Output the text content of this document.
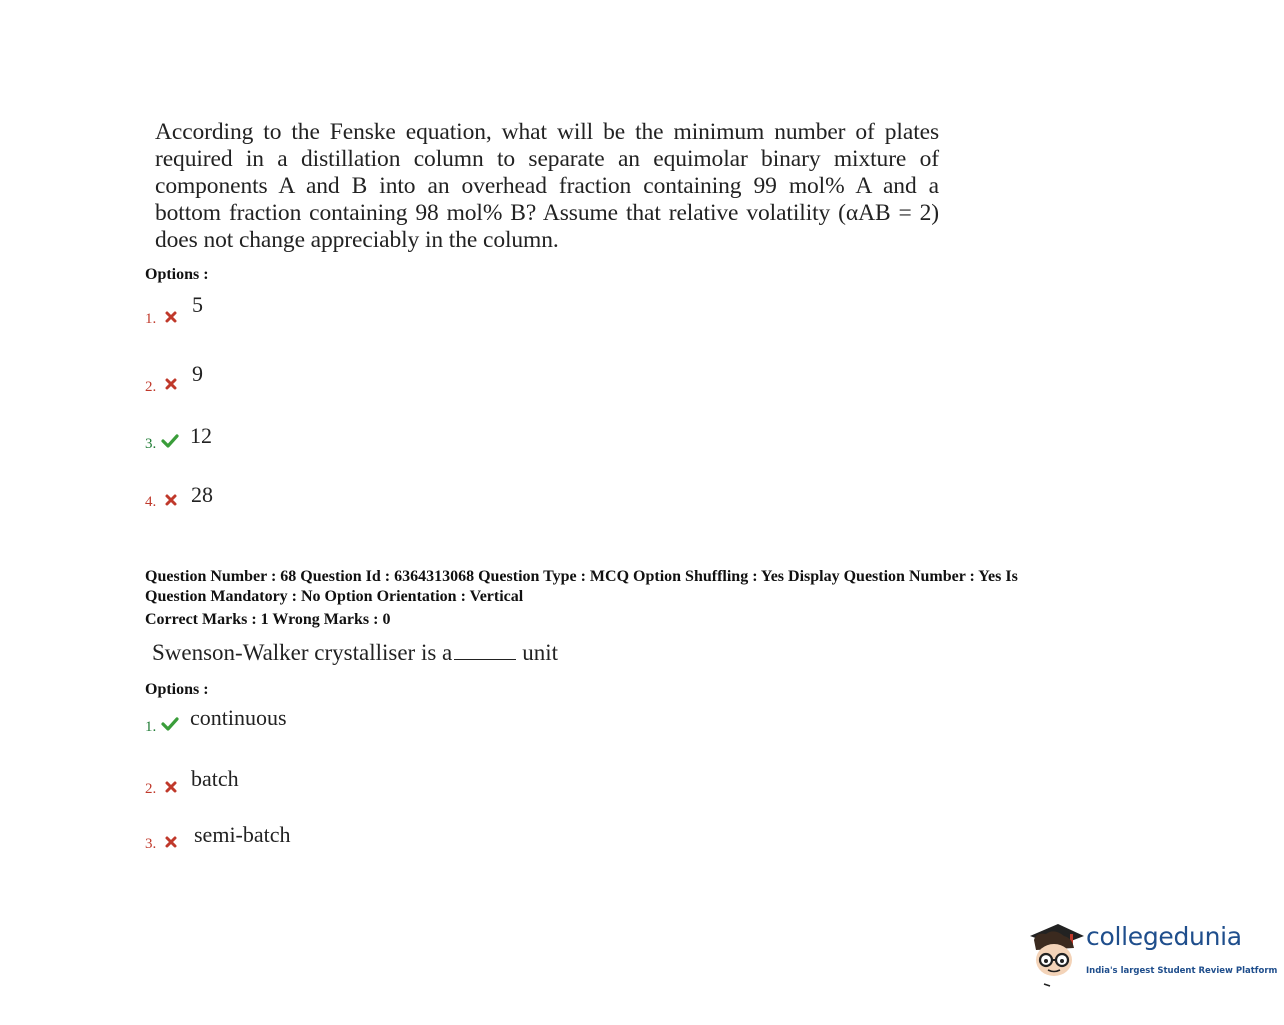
According to the Fenske equation, what will be the minimum number of plates
required in a distillation column to separate an equimolar binary mixture of
components A and B into an overhead fraction containing 99 mol% A and a
bottom fraction containing 98 mol% B? Assume that relative volatility (αAB = 2)
does not change appreciably in the column.
Options :
1.
5
2.
9
3. 12
4. 28
Question Number : 68 Question Id : 6364313068 Question Type : MCQ Option Shuffling : Yes Display Question Number : Yes Is
Question Mandatory : No Option Orientation : Vertical
Correct Marks : 1 Wrong Marks : 0
Swenson-Walker crystalliser is a	unit
Options :
1. continuous
2. batch
3. semi-batch
collegedunia
India's largest Student Review Platform
